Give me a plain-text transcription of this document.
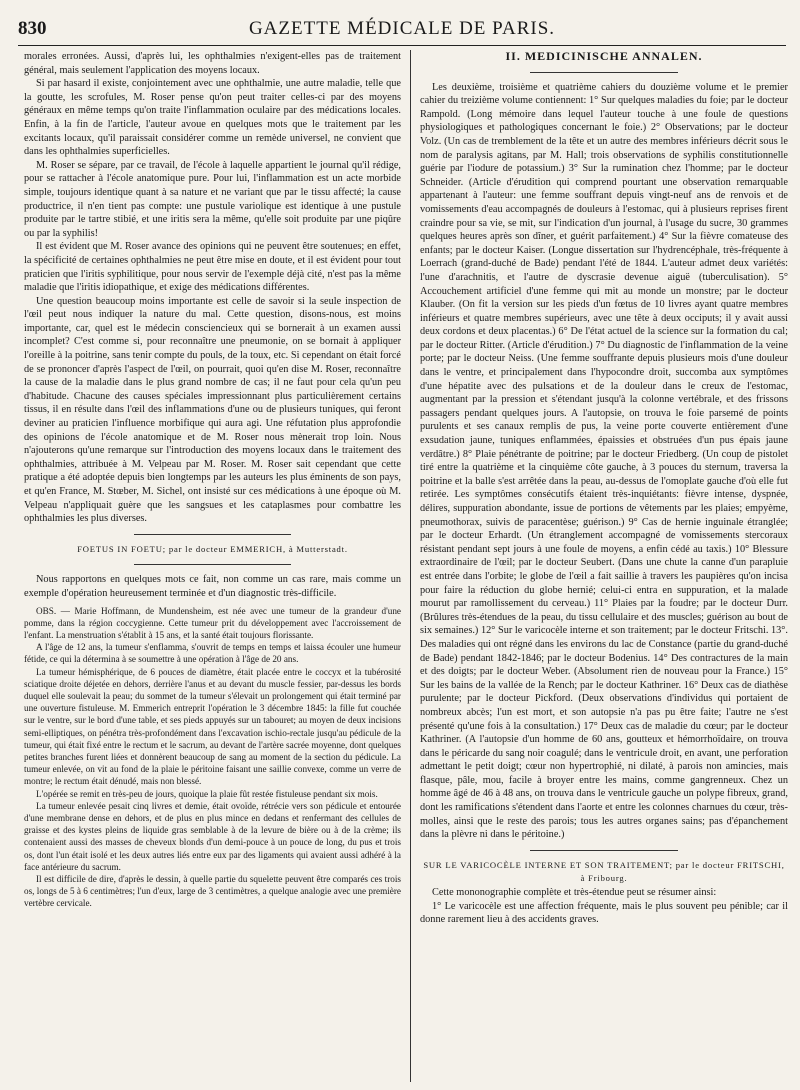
830	GAZETTE MÉDICALE DE PARIS.

morales erronées. Aussi, d'après lui, les ophthalmies n'exigent-elles pas de traitement général, mais seulement l'application des moyens locaux.

Si par hasard il existe, conjointement avec une ophthalmie, une autre maladie, telle que la goutte, les scrofules, M. Roser pense qu'on peut traiter celles-ci par des moyens généraux en même temps qu'on traite l'inflammation oculaire par des médications locales. Enfin, à la fin de l'article, l'auteur avoue en quelques mots que le traitement par les excitants locaux, qu'il paraissait considérer comme un remède universel, ne convient que dans les ophthalmies superficielles.

M. Roser se sépare, par ce travail, de l'école à laquelle appartient le journal qu'il rédige, pour se rattacher à l'école anatomique pure. Pour lui, l'inflammation est un acte morbide simple, toujours identique quant à sa nature et ne variant que par le tissu affecté; la cause productrice, il n'en tient pas compte: une pustule variolique est identique à une pustule produite par le tartre stibié, et une iritis sera la même, qu'elle soit produite par une piqûre ou par la syphilis!

Il est évident que M. Roser avance des opinions qui ne peuvent être soutenues; en effet, la spécificité de certaines ophthalmies ne peut être mise en doute, et il est évident pour tout praticien que l'iritis syphilitique, pour nous servir de l'exemple déjà cité, n'est pas la même maladie que l'iritis idiopathique, et exige des médications différentes.

Une question beaucoup moins importante est celle de savoir si la seule inspection de l'œil peut nous indiquer la nature du mal. Cette question, disons-nous, est moins importante, car, quel est le médecin consciencieux qui se bornerait à un examen aussi incomplet? C'est comme si, pour reconnaître une pneumonie, on se bornait à appliquer l'oreille à la poitrine, sans tenir compte du pouls, de la toux, etc. Si cependant on était forcé de se prononcer d'après l'aspect de l'œil, on pourrait, quoi qu'en dise M. Roser, reconnaître la cause de la maladie dans le plus grand nombre de cas; il ne faut pour cela qu'un peu d'habitude. Chacune des causes spéciales impressionnant plus particulièrement certains tissus, il en résulte dans l'œil des inflammations d'une ou de plusieurs tuniques, qui feront deviner au praticien l'influence morbifique qui aura agi. Une réfutation plus approfondie des opinions de l'école anatomique et de M. Roser nous mènerait trop loin. Nous n'ajouterons qu'une remarque sur l'introduction des moyens locaux dans le traitement des ophthalmies, attribuée à M. Velpeau par M. Roser. M. Roser sait cependant que cette pratique a été adoptée depuis bien longtemps par les auteurs les plus éminents de son pays, et qu'en France, M. Stœber, M. Sichel, ont insisté sur ces médications à une époque où M. Velpeau n'appliquait guère que les sangsues et les cataplasmes pour combattre les ophthalmies les plus diverses.

FOETUS IN FOETU; par le docteur EMMERICH, à Mutterstadt.

Nous rapportons en quelques mots ce fait, non comme un cas rare, mais comme un exemple d'opération heureusement terminée et d'un diagnostic très-difficile.

OBS. — Marie Hoffmann, de Mundensheim, est née avec une tumeur de la grandeur d'une pomme, dans la région coccygienne. Cette tumeur prit du développement avec l'accroissement de l'enfant. La menstruation s'établit à 15 ans, et la santé était toujours florissante.

A l'âge de 12 ans, la tumeur s'enflamma, s'ouvrit de temps en temps et laissa écouler une humeur fétide, ce qui la détermina à se soumettre à une opération à l'âge de 20 ans.

La tumeur hémisphérique, de 6 pouces de diamètre, était placée entre le coccyx et la tubérosité sciatique droite déjetée en dehors, derrière l'anus et au devant du muscle fessier, par-dessus les bords duquel elle soulevait la peau; du sommet de la tumeur s'élevait un prolongement qui était terminé par une ouverture fistuleuse. M. Emmerich entreprit l'opération le 3 décembre 1845: la fille fut couchée sur le ventre, sur le bord d'une table, et ses pieds appuyés sur un tabouret; au moyen de deux incisions semi-elliptiques, on pénétra très-profondément dans l'excavation ischio-rectale jusqu'au pédicule de la tumeur, qui était fixé entre le rectum et le sacrum, au devant de l'artère sacrée moyenne, dont quelques petites branches furent liées et donnèrent beaucoup de sang au moment de la section du pédicule. La tumeur enlevée, on vit au fond de la plaie le péritoine faisant une saillie convexe, comme un verre de montre; le rectum était dénudé, mais non blessé.

L'opérée se remit en très-peu de jours, quoique la plaie fût restée fistuleuse pendant six mois.

La tumeur enlevée pesait cinq livres et demie, était ovoïde, rétrécie vers son pédicule et entourée d'une membrane dense en dehors, et de plus en plus mince en dedans et renfermant des cellules de graisse et des kystes pleins de liquide gras semblable à de la levure de bière ou à de la crème; ils contenaient aussi des masses de cheveux blonds d'un demi-pouce à un pouce de long, du pus et trois os, dont l'un était isolé et les deux autres liés entre eux par des ligaments qui avaient aussi adhéré à la face antérieure du sacrum.

Il est difficile de dire, d'après le dessin, à quelle partie du squelette peuvent être comparés ces trois os, longs de 5 à 6 centimètres; l'un d'eux, large de 3 centimètres, a quelque analogie avec une première vertèbre cervicale.

II. MEDICINISCHE ANNALEN.

Les deuxième, troisième et quatrième cahiers du douzième volume et le premier cahier du treizième volume contiennent: 1° Sur quelques maladies du foie; par le docteur Rampold. (Long mémoire dans lequel l'auteur touche à une foule de questions physiologiques et pathologiques concernant le foie.) 2° Observations; par le docteur Volz. (Un cas de tremblement de la tête et un autre des membres inférieurs décrit sous le nom de paralysis agitans, par M. Hall; trois observations de syphilis constitutionnelle guérie par l'iodure de potassium.) 3° Sur la rumination chez l'homme; par le docteur Schneider. (Article d'érudition qui comprend pourtant une observation remarquable appartenant à l'auteur: une femme souffrant depuis vingt-neuf ans de renvois et de vomissements d'eau accompagnés de douleurs à l'estomac, qui à plusieurs reprises firent craindre pour sa vie, se mit, sur l'indication d'un journal, à l'usage du sucre, 30 grammes quelques heures après son dîner, et guérit parfaitement.) 4° Sur la fièvre comateuse des enfants; par le docteur Kaiser. (Longue dissertation sur l'hydrencéphale, très-fréquente à Loerrach (grand-duché de Bade) pendant l'été de 1844. L'auteur admet deux variétés: l'une d'arachnitis, et l'autre de dyscrasie devenue aiguë (tuberculisation). 5° Accouchement artificiel d'une femme qui mit au monde un monstre; par le docteur Klauber. (On fit la version sur les pieds d'un fœtus de 10 livres ayant quatre membres inférieurs et quatre membres supérieurs, avec une tête à deux occiputs; il y avait aussi deux cordons et deux placentas.) 6° De l'état actuel de la science sur la formation du cal; par le docteur Ritter. (Article d'érudition.) 7° Du diagnostic de l'inflammation de la veine porte; par le docteur Neiss. (Une femme souffrante depuis plusieurs mois d'une douleur dans le ventre, et principalement dans l'hypocondre droit, succomba aux symptômes d'une hépatite avec des pulsations et de la douleur dans le creux de l'estomac, augmentant par la pression et s'étendant jusqu'à la colonne vertébrale, et des frissons passagers pendant quelques jours. A l'autopsie, on trouva le foie parsemé de points purulents et ses canaux remplis de pus, la veine porte couverte entièrement d'une exsudation jaune, tuniques enflammées, épaissies et obstruées d'un pus épais jaune verdâtre.) 8° Plaie pénétrante de poitrine; par le docteur Friedberg. (Un coup de pistolet tiré entre la quatrième et la cinquième côte gauche, à 3 pouces du sternum, traversa la poitrine et la balle s'est arrêtée dans la peau, au-dessus de l'omoplate gauche d'où elle fut retirée. Les symptômes consécutifs étaient très-inquiétants: fièvre intense, dyspnée, délires, suppuration abondante, issue de portions de vêtements par les plaies; empyème, pneumothorax, suivis de paracentèse; guérison.) 9° Cas de hernie inguinale étranglée; par le docteur Erhardt. (Un étranglement accompagné de vomissements stercoraux résistant pendant sept jours à une foule de moyens, a enfin cédé au taxis.) 10° Blessure extraordinaire de l'œil; par le docteur Seubert. (Dans une chute la canne d'un parapluie est entrée dans l'orbite; le globe de l'œil a fait saillie à travers les paupières qu'on incisa pour faire la réduction du globe hernié; celui-ci entra en suppuration, et la malade mourut par ramollissement du cerveau.) 11° Plaies par la foudre; par le docteur Durr. (Brûlures très-étendues de la peau, du tissu cellulaire et des muscles; guérison au bout de six semaines.) 12° Sur le varicocèle interne et son traitement; par le docteur Fritschi. 13°. Des maladies qui ont régné dans les environs du lac de Constance (partie du grand-duché de Bade) pendant 1842-1846; par le docteur Bodenius. 14° Des contractures de la main et des doigts; par le docteur Weber. (Absolument rien de nouveau pour la France.) 15° Sur les bains de la vallée de la Rench; par le docteur Kathriner. 16° Deux cas de diathèse purulente; par le docteur Pickford. (Deux observations d'individus qui portaient de nombreux abcès; l'un est mort, et son autopsie n'a pas pu être faite; l'autre ne s'est présenté qu'une fois à la consultation.) 17° Deux cas de maladie du cœur; par le docteur Kathriner. (A l'autopsie d'un homme de 60 ans, goutteux et hémorrhoïdaire, on trouva dans le péricarde du sang noir coagulé; dans le ventricule droit, en avant, une perforation admettant le petit doigt; cœur non hypertrophié, ni dilaté, à parois non amincies, mais flasque, pâle, mou, facile à broyer entre les mains, comme gangrenneux. Chez un homme âgé de 46 à 48 ans, on trouva dans le ventricule gauche un polype fibreux, grand, dont les ramifications s'étendent dans l'aorte et entre les colonnes charnues du cœur, très-molles, ainsi que le reste des parois; tous les autres organes sains; pas d'épanchement dans la plèvre ni dans le péritoine.)

SUR LE VARICOCÈLE INTERNE ET SON TRAITEMENT; par le docteur FRITSCHI, à Fribourg.

Cette mononographie complète et très-étendue peut se résumer ainsi:

1° Le varicocèle est une affection fréquente, mais le plus souvent peu pénible; car il donne rarement lieu à des accidents graves.
